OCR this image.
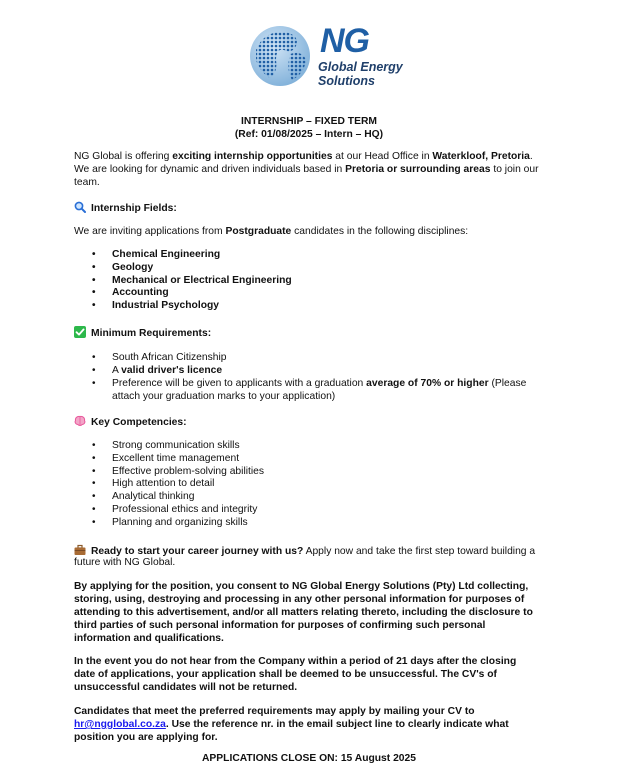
NG
Global Energy
Solutions
INTERNSHIP – FIXED TERM
(Ref: 01/08/2025 – Intern – HQ)
NG Global is offering exciting internship opportunities at our Head Office in Waterkloof, Pretoria.
We are looking for dynamic and driven individuals based in Pretoria or surrounding areas to join our
team.
Internship Fields:
We are inviting applications from Postgraduate candidates in the following disciplines:
• Chemical Engineering
• Geology
• Mechanical or Electrical Engineering
• Accounting
• Industrial Psychology
Minimum Requirements:
• South African Citizenship
• A valid driver's licence
• Preference will be given to applicants with a graduation average of 70% or higher (Please
attach your graduation marks to your application)
Key Competencies:
• Strong communication skills
• Excellent time management
• Effective problem-solving abilities
• High attention to detail
• Analytical thinking
• Professional ethics and integrity
• Planning and organizing skills
Ready to start your career journey with us? Apply now and take the first step toward building a
future with NG Global.
By applying for the position, you consent to NG Global Energy Solutions (Pty) Ltd collecting,
storing, using, destroying and processing in any other personal information for purposes of
attending to this advertisement, and/or all matters relating thereto, including the disclosure to
third parties of such personal information for purposes of confirming such personal
information and qualifications.
In the event you do not hear from the Company within a period of 21 days after the closing
date of applications, your application shall be deemed to be unsuccessful. The CV's of
unsuccessful candidates will not be returned.
Candidates that meet the preferred requirements may apply by mailing your CV to
hr@ngglobal.co.za. Use the reference nr. in the email subject line to clearly indicate what
position you are applying for.
APPLICATIONS CLOSE ON: 15 August 2025
